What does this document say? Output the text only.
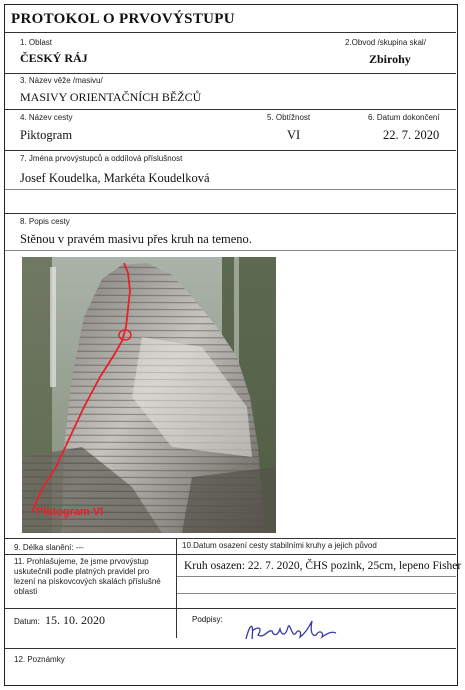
PROTOKOL O PRVOVÝSTUPU
1. Oblast	2.Obvod /skupina skal/
ČESKÝ RÁJ	Zbirohy
3. Název věže /masivu/
MASIVY ORIENTAČNÍCH BĚŽCŮ
4. Název cesty	5. Obtížnost	6. Datum dokončení
Piktogram	VI	22. 7. 2020
7. Jména prvovýstupců a oddílová příslušnost
Josef Koudelka, Markéta Koudelková
8. Popis cesty
Stěnou v pravém masivu přes kruh na temeno.
Piktogram VI
9. Délka slanění: ---	10.Datum osazení cesty stabilními kruhy a jejich původ
11. Prohlašujeme, že jsme prvovýstup uskutečnili podle platných pravidel pro lezení na pískovcových skalách příslušné oblasti
Kruh osazen: 22. 7. 2020, ČHS pozink, 25cm, lepeno Fisher
Datum: 15. 10. 2020	Podpisy:
12. Poznámky
